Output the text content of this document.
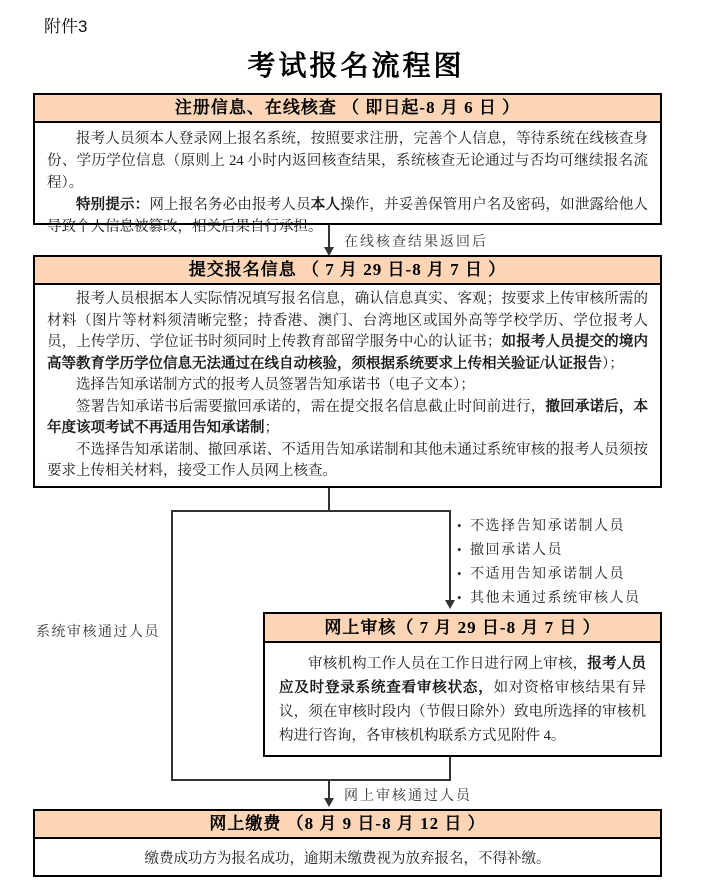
附件3
考试报名流程图
注册信息、在线核查 （ 即日起-8 月 6 日 ）

报考人员须本人登录网上报名系统，按照要求注册，完善个人信息，等待系统在线核查身份、学历学位信息（原则上 24 小时内返回核查结果，系统核查无论通过与否均可继续报名流程）。

特别提示：网上报名务必由报考人员本人操作，并妥善保管用户名及密码，如泄露给他人导致个人信息被篡改，相关后果自行承担。

在线核查结果返回后
提交报名信息 （ 7 月 29 日-8 月 7 日 ）

报考人员根据本人实际情况填写报名信息，确认信息真实、客观；按要求上传审核所需的材料（图片等材料须清晰完整；持香港、澳门、台湾地区或国外高等学校学历、学位报考人员，上传学历、学位证书时须同时上传教育部留学服务中心的认证书；如报考人员提交的境内高等教育学历学位信息无法通过在线自动核验，须根据系统要求上传相关验证/认证报告）；

选择告知承诺制方式的报考人员签署告知承诺书（电子文本）；

签署告知承诺书后需要撤回承诺的，需在提交报名信息截止时间前进行，撤回承诺后，本年度该项考试不再适用告知承诺制；

不选择告知承诺制、撤回承诺、不适用告知承诺制和其他未通过系统审核的报考人员须按要求上传相关材料，接受工作人员网上核查。

• 不选择告知承诺制人员
• 撤回承诺人员
• 不适用告知承诺制人员
• 其他未通过系统审核人员
系统审核通过人员	网上审核（ 7 月 29 日-8 月 7 日 ）

审核机构工作人员在工作日进行网上审核，报考人员应及时登录系统查看审核状态，如对资格审核结果有异议，须在审核时段内（节假日除外）致电所选择的审核机构进行咨询，各审核机构联系方式见附件 4。

网上审核通过人员
网上缴费 （8 月 9 日-8 月 12 日 ）

缴费成功方为报名成功，逾期未缴费视为放弃报名，不得补缴。
